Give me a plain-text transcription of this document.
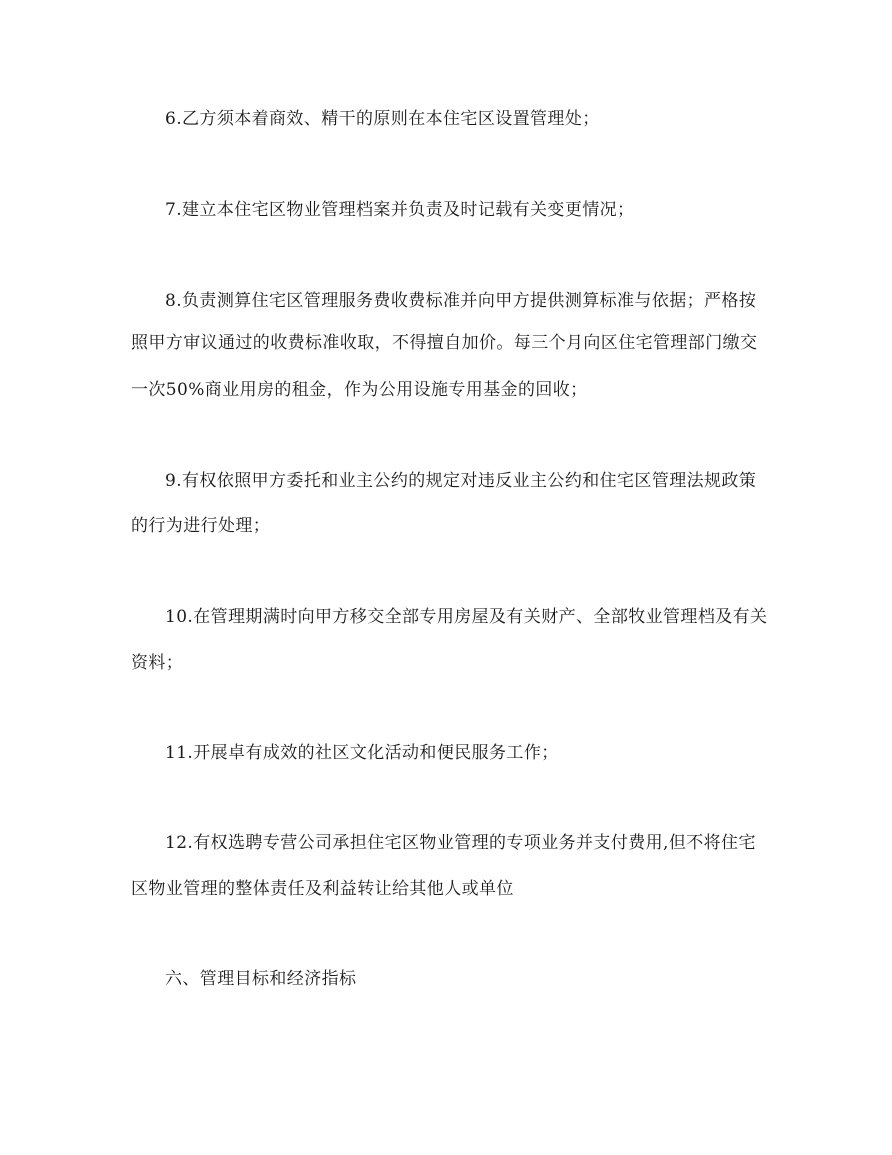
6.乙方须本着商效、精干的原则在本住宅区设置管理处；
7.建立本住宅区物业管理档案并负责及时记载有关变更情况；
8.负责测算住宅区管理服务费收费标准并向甲方提供测算标准与依据；严格按
照甲方审议通过的收费标准收取，不得擅自加价。每三个月向区住宅管理部门缴交
一次50%商业用房的租金，作为公用设施专用基金的回收；
9.有权依照甲方委托和业主公约的规定对违反业主公约和住宅区管理法规政策
的行为进行处理；
10.在管理期满时向甲方移交全部专用房屋及有关财产、全部牧业管理档及有关
资料；
11.开展卓有成效的社区文化活动和便民服务工作；
12.有权选聘专营公司承担住宅区物业管理的专项业务并支付费用,但不将住宅
区物业管理的整体责任及利益转让给其他人或单位
六、管理目标和经济指标
